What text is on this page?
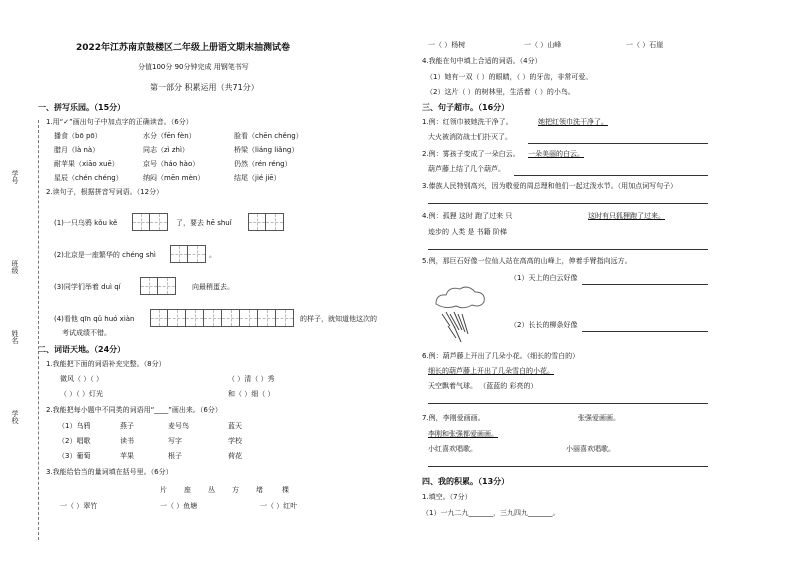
学号
班级
姓名
学校
2022年江苏南京鼓楼区二年级上册语文期末抽测试卷
分值100分 90分钟完成 用钢笔书写
第一部分 积累运用（共71分）
一、拼写乐园。（15分）
1.用“✓”画出句子中加点字的正确读音。（6分）
播食（bō pō）	水分（fēn fèn）	脸看（chēn chěng）
腊月（là nà）	同志（zì zhì）	桥梁（liáng liǎng）
耐苹果（xiāo xuē）	京号（háo hào）	仍然（rén réng）
星辰（chén chéng）	纳闷（mēn mèn）	结尾（jié jiē）
2.读句子，根据拼音写词语。（12分）
(1)一只乌鸦 kǒu kě	了，要去 hē shuǐ
(2)北京是一座繁华的 chéng shì	。
(3)同学们举着 duì qí	向最稍蛋去。
(4)看他 qīn qǔ huó xiàn	的样子，就知道他这次的
考试成绩不错。
二、词语天地。（24分）
1.我能把下面的词语补充完整。（8分）
微风（ ）（ ）	（ ）清（ ）秀
（ ）（ ）灯光	和（ ）细（ ）
2.我能把每小题中不同类的词语用“____”画出来。（6分）
（1）乌鸦	燕子	麦号鸟	蓝天
（2）唱歌	读书	写字	学校
（3）葡萄	苹果	根子	荷花
3.我能给恰当的量词填在括号里。（6分）
片 座 丛 方 堵	棵
一（ ）翠竹	一（ ）鱼塘	一（ ）红叶
一（ ）杨树	一（ ）山峰	一（ ）石崖
4.我能在句中填上合适的词语。（4分）
（1）她有一双（ ）的眼睛，（ ）的牙齿，非常可爱。
（2）这片（ ）的树林里，生活着（ ）的小鸟。
三、句子超市。（16分）
1.例：红领巾被她洗干净了。	她把红领巾洗干净了。
大火被消防战士们扑灭了。
2.例：雾孩子变成了一朵白云。 一朵美丽的白云。
葫芦藤上结了几个葫芦。
3.傣族人民特别高兴，因为敬爱的周总理和他们一起过泼水节。（用加点词写句子）
4.例：孤狸 这时 跑了过来 只	这时有只狐狸跑了过来。
迹步的 人类 是 书籍 阶梯
5.例，那巨石好像一位仙人站在高高的山峰上，伸着手臂指向远方。
（1）天上的白云好像
（2）长长的柳条好像
6.例：葫芦藤上开出了几朵小花。（细长的雪白的）
细长的葫芦藤上开出了几朵雪白的小花。
天空飘着气球。 （蓝蓝的 彩亮的）
7.例，李刚爱画画。	张强爱画画。
李刚和张强都爱画画。
小红喜欢唱歌。	小丽喜欢唱歌。
四、我的积累。（13分）
1.填空。（7分）
（1）一九二九_______，三九四九_______。
